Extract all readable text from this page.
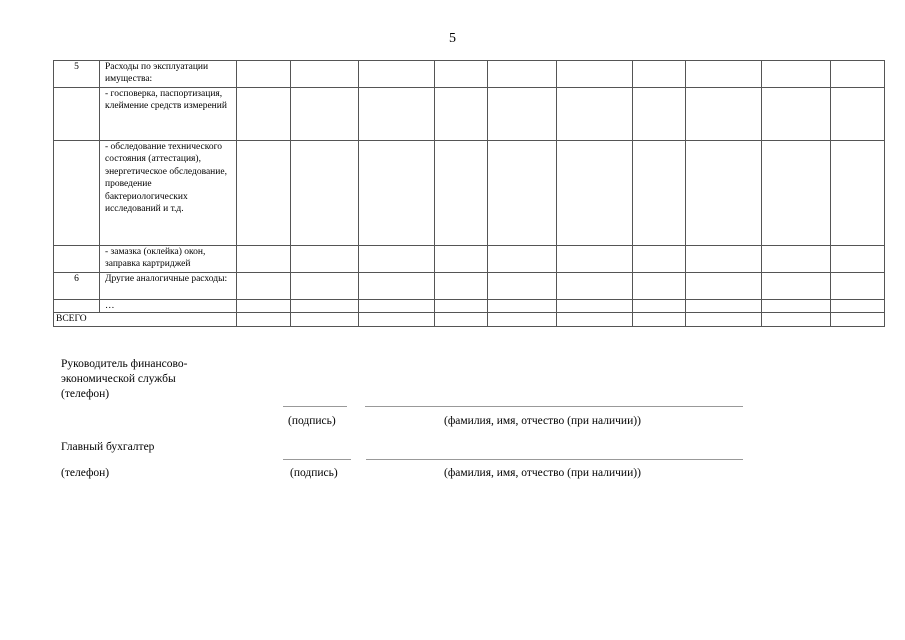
5
5	Расходы по эксплуатации имущества:										
	- госповерка, паспортизация, клеймение средств измерений										
	- обследование технического состояния (аттестация), энергетическое обследование, проведение бактериологических исследований и т.д.										
	- замазка (оклейка) окон, заправка картриджей										
6	Другие аналогичные расходы:										
	…										
ВСЕГО											
Руководитель финансово-экономической службы
(телефон)
(подпись)	(фамилия, имя, отчество (при наличии))
Главный бухгалтер
(телефон)	(подпись)	(фамилия, имя, отчество (при наличии))
